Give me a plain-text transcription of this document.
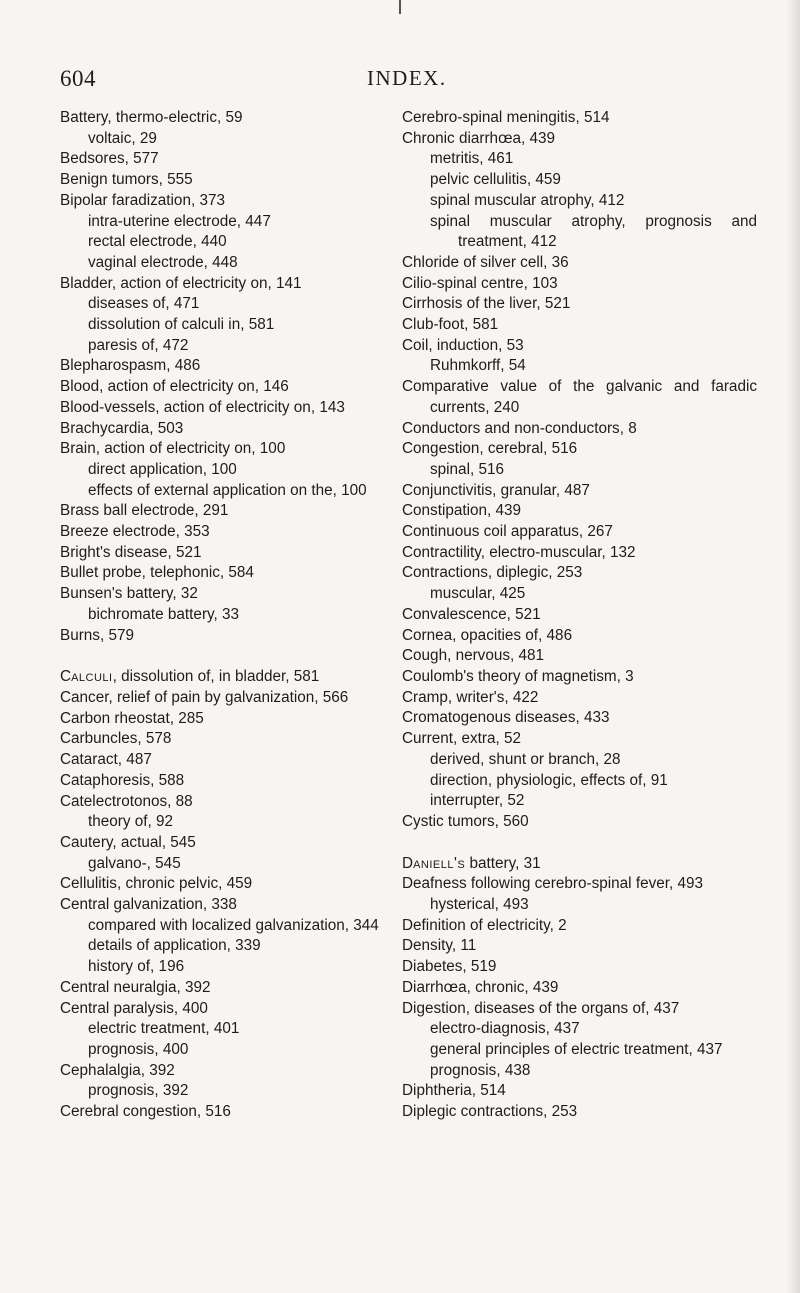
604	INDEX.
Battery, thermo-electric, 59
voltaic, 29
Bedsores, 577
Benign tumors, 555
Bipolar faradization, 373
intra-uterine electrode, 447
rectal electrode, 440
vaginal electrode, 448
Bladder, action of electricity on, 141
diseases of, 471
dissolution of calculi in, 581
paresis of, 472
Blepharospasm, 486
Blood, action of electricity on, 146
Blood-vessels, action of electricity on, 143
Brachycardia, 503
Brain, action of electricity on, 100
direct application, 100
effects of external application on the, 100
Brass ball electrode, 291
Breeze electrode, 353
Bright's disease, 521
Bullet probe, telephonic, 584
Bunsen's battery, 32
bichromate battery, 33
Burns, 579
Calculi, dissolution of, in bladder, 581
Cancer, relief of pain by galvanization, 566
Carbon rheostat, 285
Carbuncles, 578
Cataract, 487
Cataphoresis, 588
Catelectrotonos, 88
theory of, 92
Cautery, actual, 545
galvano-, 545
Cellulitis, chronic pelvic, 459
Central galvanization, 338
compared with localized galvanization, 344
details of application, 339
history of, 196
Central neuralgia, 392
Central paralysis, 400
electric treatment, 401
prognosis, 400
Cephalalgia, 392
prognosis, 392
Cerebral congestion, 516
Cerebro-spinal meningitis, 514
Chronic diarrhœa, 439
metritis, 461
pelvic cellulitis, 459
spinal muscular atrophy, 412
spinal muscular atrophy, prognosis and treatment, 412
Chloride of silver cell, 36
Cilio-spinal centre, 103
Cirrhosis of the liver, 521
Club-foot, 581
Coil, induction, 53
Ruhmkorff, 54
Comparative value of the galvanic and faradic currents, 240
Conductors and non-conductors, 8
Congestion, cerebral, 516
spinal, 516
Conjunctivitis, granular, 487
Constipation, 439
Continuous coil apparatus, 267
Contractility, electro-muscular, 132
Contractions, diplegic, 253
muscular, 425
Convalescence, 521
Cornea, opacities of, 486
Cough, nervous, 481
Coulomb's theory of magnetism, 3
Cramp, writer's, 422
Cromatogenous diseases, 433
Current, extra, 52
derived, shunt or branch, 28
direction, physiologic, effects of, 91
interrupter, 52
Cystic tumors, 560
Daniell's battery, 31
Deafness following cerebro-spinal fever, 493
hysterical, 493
Definition of electricity, 2
Density, 11
Diabetes, 519
Diarrhœa, chronic, 439
Digestion, diseases of the organs of, 437
electro-diagnosis, 437
general principles of electric treatment, 437
prognosis, 438
Diphtheria, 514
Diplegic contractions, 253
